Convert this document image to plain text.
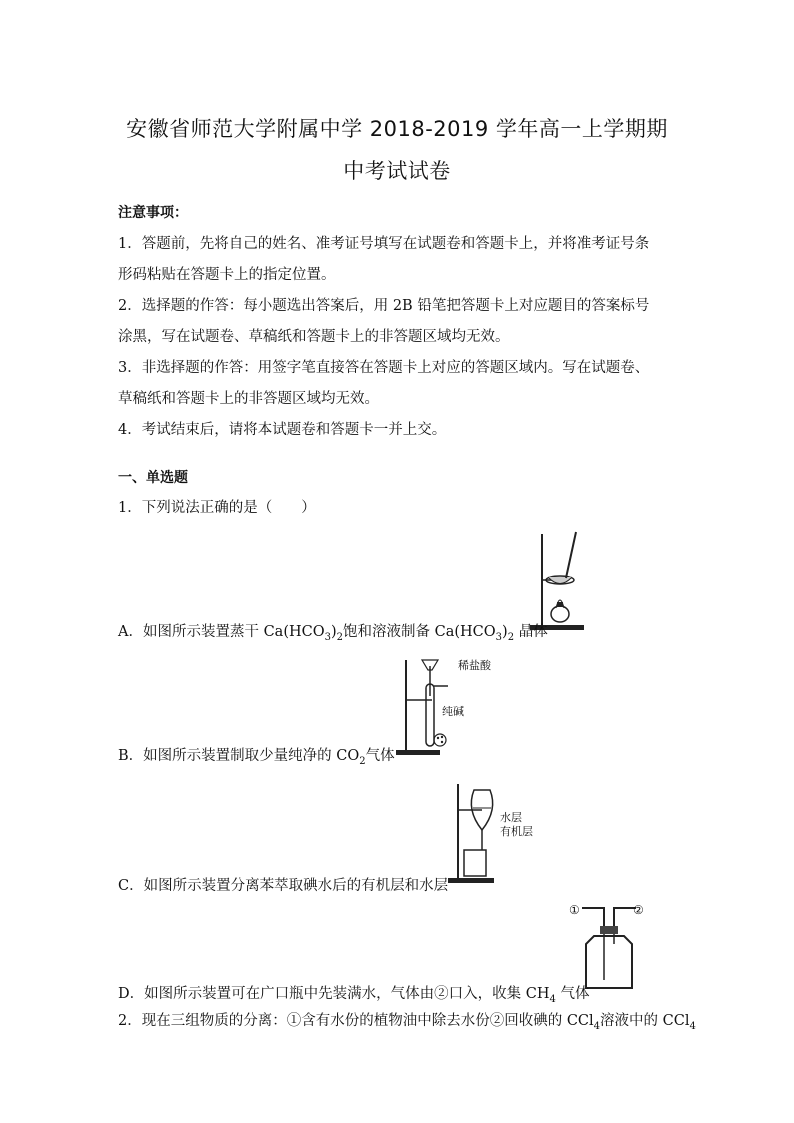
安徽省师范大学附属中学 2018-2019 学年高一上学期期
中考试试卷
注意事项：
1．答题前，先将自己的姓名、准考证号填写在试题卷和答题卡上，并将准考证号条
形码粘贴在答题卡上的指定位置。
2．选择题的作答：每小题选出答案后，用 2B 铅笔把答题卡上对应题目的答案标号
涂黑，写在试题卷、草稿纸和答题卡上的非答题区域均无效。
3．非选择题的作答：用签字笔直接答在答题卡上对应的答题区域内。写在试题卷、
草稿纸和答题卡上的非答题区域均无效。
4．考试结束后，请将本试题卷和答题卡一并上交。
一、单选题
1．下列说法正确的是（　　）
A．如图所示装置蒸干 $Ca(HCO_3)_2$饱和溶液制备 $Ca(HCO_3)_2$ 晶体
稀盐酸
纯碱
B．如图所示装置制取少量纯净的 $CO_2$气体
水层
有机层
C．如图所示装置分离苯萃取碘水后的有机层和水层
①	②
D．如图所示装置可在广口瓶中先装满水，气体由②口入，收集 $CH_4$ 气体
2．现在三组物质的分离：①含有水份的植物油中除去水份②回收碘的 CCl$_4$溶液中的 CCl$_4$
